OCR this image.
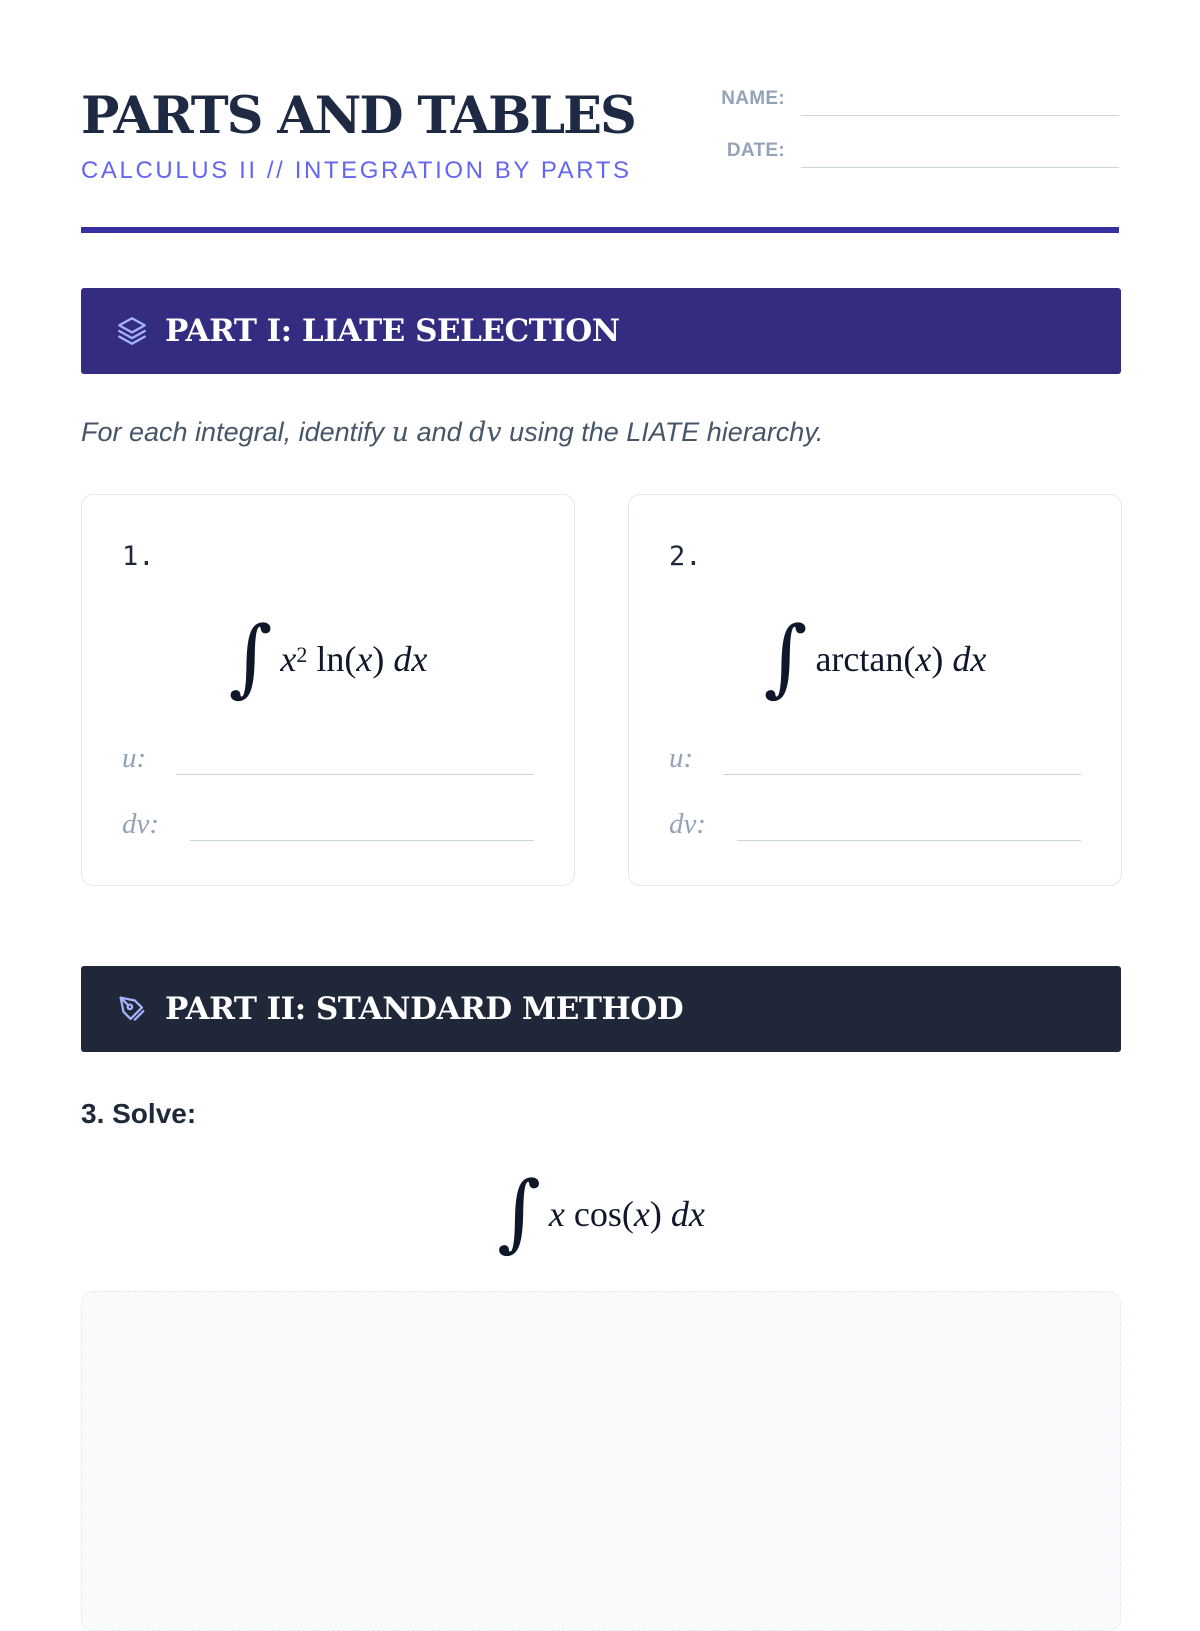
PARTS AND TABLES
CALCULUS II // INTEGRATION BY PARTS
NAME:
DATE:
PART I: LIATE SELECTION
For each integral, identify u and dv using the LIATE hierarchy.
1.
∫ $x^2$ ln( x ) dx
u:
dv:
2.
∫ arctan( x ) dx
u:
dv:
PART II: STANDARD METHOD
3. Solve:
∫ x cos( x ) dx
